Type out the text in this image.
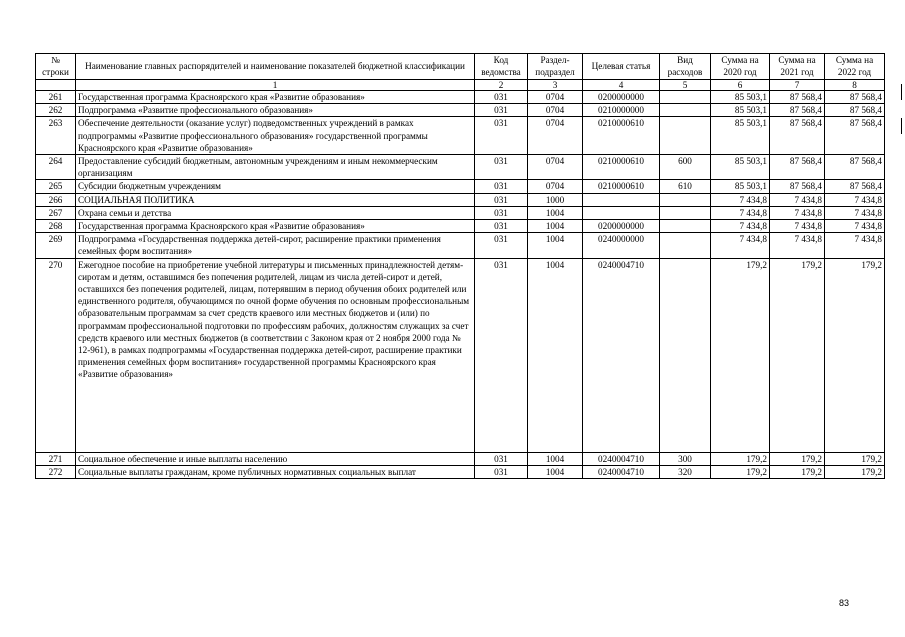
№ строки	Наименование главных распорядителей и наименование показателей бюджетной классификации	Код ведомства	Раздел-подраздел	Целевая статья	Вид расходов	Сумма на 2020 год	Сумма на 2021 год	Сумма на 2022 год
	1	2	3	4	5	6	7	8
261	Государственная программа Красноярского края «Развитие образования»	031	0704	0200000000		85 503,1	87 568,4	87 568,4
262	Подпрограмма «Развитие профессионального образования»	031	0704	0210000000		85 503,1	87 568,4	87 568,4
263	Обеспечение деятельности (оказание услуг) подведомственных учреждений в рамках подпрограммы «Развитие профессионального образования» государственной программы Красноярского края «Развитие образования»	031	0704	0210000610		85 503,1	87 568,4	87 568,4
264	Предоставление субсидий бюджетным, автономным учреждениям и иным некоммерческим организациям	031	0704	0210000610	600	85 503,1	87 568,4	87 568,4
265	Субсидии бюджетным учреждениям	031	0704	0210000610	610	85 503,1	87 568,4	87 568,4
266	СОЦИАЛЬНАЯ ПОЛИТИКА	031	1000			7 434,8	7 434,8	7 434,8
267	Охрана семьи и детства	031	1004			7 434,8	7 434,8	7 434,8
268	Государственная программа Красноярского края «Развитие образования»	031	1004	0200000000		7 434,8	7 434,8	7 434,8
269	Подпрограмма «Государственная поддержка детей-сирот, расширение практики применения семейных форм воспитания»	031	1004	0240000000		7 434,8	7 434,8	7 434,8
270	Ежегодное пособие на приобретение учебной литературы и письменных принадлежностей детям-сиротам и детям, оставшимся без попечения родителей, лицам из числа детей-сирот и детей, оставшихся без попечения родителей, лицам, потерявшим в период обучения обоих родителей или единственного родителя, обучающимся по очной форме обучения по основным профессиональным образовательным программам за счет средств краевого или местных бюджетов и (или) по программам профессиональной подготовки по профессиям рабочих, должностям служащих за счет средств краевого или местных бюджетов (в соответствии с Законом края от 2 ноября 2000 года № 12-961), в рамках подпрограммы «Государственная поддержка детей-сирот, расширение практики применения семейных форм воспитания» государственной программы Красноярского края «Развитие образования»	031	1004	0240004710		179,2	179,2	179,2
271	Социальное обеспечение и иные выплаты населению	031	1004	0240004710	300	179,2	179,2	179,2
272	Социальные выплаты гражданам, кроме публичных нормативных социальных выплат	031	1004	0240004710	320	179,2	179,2	179,2
83
